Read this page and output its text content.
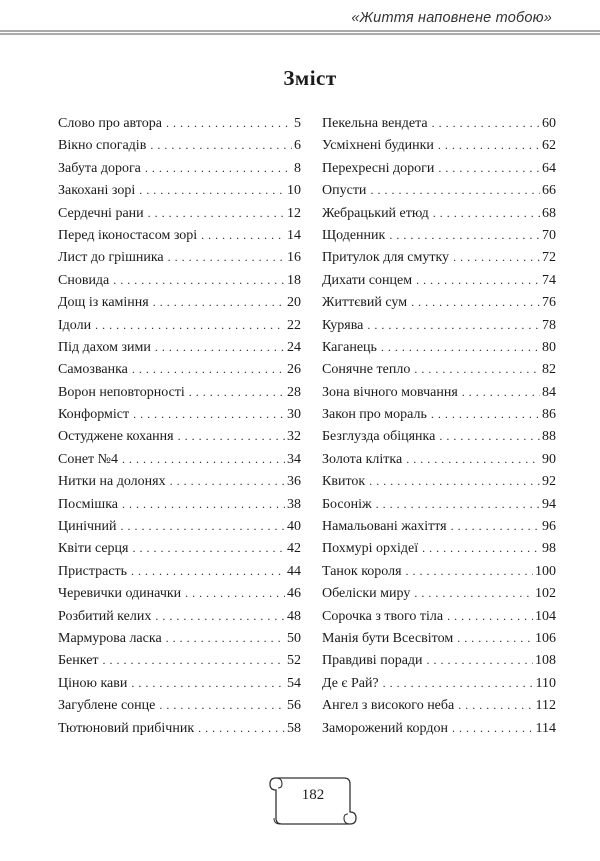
«Життя наповнене тобою»
Зміст
Слово про автора . . .	5
Вікно спогадів . . .	6
Забута дорога . . .	8
Закохані зорі . . .	10
Сердечні рани . . .	12
Перед іконостасом зорі . . .	14
Лист до грішника . . .	16
Сновида . . .	18
Дощ із каміння . . .	20
Ідоли . . .	22
Під дахом зими . . .	24
Самозванка . . .	26
Ворон неповторності . . .	28
Конформіст . . .	30
Остуджене кохання . . .	32
Сонет №4 . . .	34
Нитки на долонях . . .	36
Посмішка . . .	38
Цинічний . . .	40
Квіти серця . . .	42
Пристрасть . . .	44
Черевички одиначки . . .	46
Розбитий келих . . .	48
Мармурова ласка . . .	50
Бенкет . . .	52
Ціною кави . . .	54
Загублене сонце . . .	56
Тютюновий прибічник . . .	58
Пекельна вендета . . .	60
Усміхнені будинки . . .	62
Перехресні дороги . . .	64
Опусти . . .	66
Жебрацький етюд . . .	68
Щоденник . . .	70
Притулок для смутку . . .	72
Дихати сонцем . . .	74
Життєвий сум . . .	76
Курява . . .	78
Каганець . . .	80
Сонячне тепло . . .	82
Зона вічного мовчання . . .	84
Закон про мораль . . .	86
Безглузда обіцянка . . .	88
Золота клітка . . .	90
Квиток . . .	92
Босоніж . . .	94
Намальовані жахіття . . .	96
Похмурі орхідеї . . .	98
Танок короля . . .	100
Обеліски миру . . .	102
Сорочка з твого тіла . . .	104
Манія бути Всесвітом . . .	106
Правдиві поради . . .	108
Де є Рай? . . .	110
Ангел з високого неба . . .	112
Заморожений кордон . . .	114
182
